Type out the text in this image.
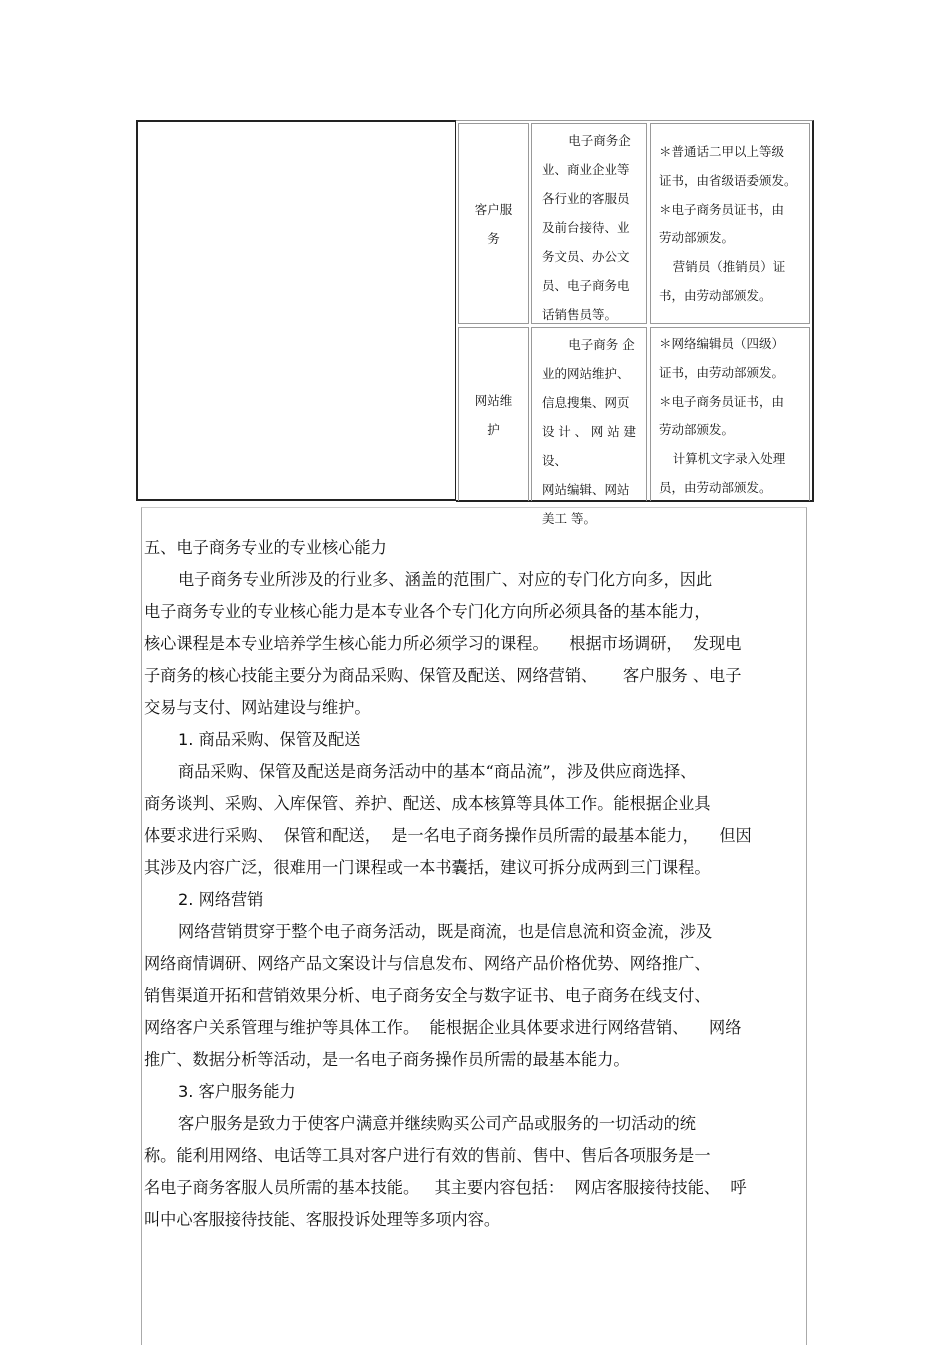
客户服
务
电子商务企
业、商业企业等
各行业的客服员
及前台接待、业
务文员、办公文
员、电子商务电
话销售员等。
＊普通话二甲以上等级
证书，由省级语委颁发。
＊电子商务员证书，由
劳动部颁发。
营销员（推销员）证
书，由劳动部颁发。
网站维
护
电子商务 企
业的网站维护、
信息搜集、网页
设计、网站建设、
网站编辑、网站
美工 等。
＊网络编辑员（四级）
证书，由劳动部颁发。
＊电子商务员证书，由
劳动部颁发。
计算机文字录入处理
员，由劳动部颁发。
五、电子商务专业的专业核心能力
电子商务专业所涉及的行业多、涵盖的范围广、对应的专门化方向多，因此
电子商务专业的专业核心能力是本专业各个专门化方向所必须具备的基本能力，
核心课程是本专业培养学生核心能力所必须学习的课程。    根据市场调研，  发现电
子商务的核心技能主要分为商品采购、保管及配送、网络营销、     客户服务 、电子
交易与支付、网站建设与维护。
1. 商品采购、保管及配送
商品采购、保管及配送是商务活动中的基本“商品流”，涉及供应商选择、
商务谈判、采购、入库保管、养护、配送、成本核算等具体工作。能根据企业具
体要求进行采购、  保管和配送，  是一名电子商务操作员所需的最基本能力，    但因
其涉及内容广泛，很难用一门课程或一本书囊括，建议可拆分成两到三门课程。
2. 网络营销
网络营销贯穿于整个电子商务活动，既是商流，也是信息流和资金流，涉及
网络商情调研、网络产品文案设计与信息发布、网络产品价格优势、网络推广、
销售渠道开拓和营销效果分析、电子商务安全与数字证书、电子商务在线支付、
网络客户关系管理与维护等具体工作。  能根据企业具体要求进行网络营销、    网络
推广、数据分析等活动，是一名电子商务操作员所需的最基本能力。
3. 客户服务能力
客户服务是致力于使客户满意并继续购买公司产品或服务的一切活动的统
称。能利用网络、电话等工具对客户进行有效的售前、售中、售后各项服务是一
名电子商务客服人员所需的基本技能。   其主要内容包括：  网店客服接待技能、  呼
叫中心客服接待技能、客服投诉处理等多项内容。
